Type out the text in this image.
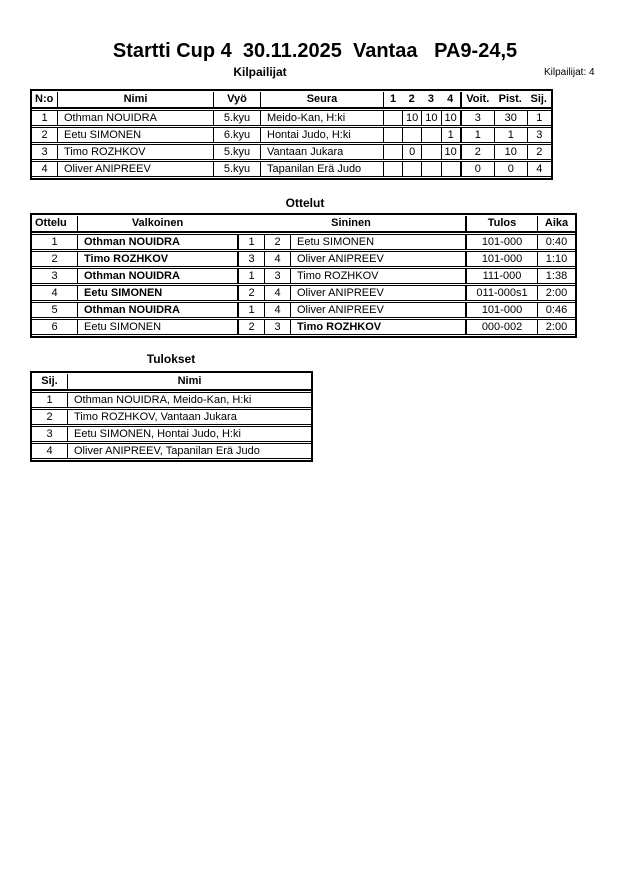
Startti Cup 4  30.11.2025  Vantaa   PA9-24,5
Kilpailijat	Kilpailijat: 4
N:o	Nimi	Vyö	Seura	1	2	3	4	Voit.	Pist.	Sij.
1	Othman NOUIDRA	5.kyu	Meido-Kan, H:ki		10	10	10	3	30	1
2	Eetu SIMONEN	6.kyu	Hontai Judo, H:ki				1	1	1	3
3	Timo ROZHKOV	5.kyu	Vantaan Jukara		0		10	2	10	2
4	Oliver ANIPREEV	5.kyu	Tapanilan Erä Judo					0	0	4
Ottelut
Ottelu	Valkoinen	Sininen			Tulos	Aika
1	Othman NOUIDRA	1	2	Eetu SIMONEN	101-000	0:40
2	Timo ROZHKOV	3	4	Oliver ANIPREEV	101-000	1:10
3	Othman NOUIDRA	1	3	Timo ROZHKOV	111-000	1:38
4	Eetu SIMONEN	2	4	Oliver ANIPREEV	011-000s1	2:00
5	Othman NOUIDRA	1	4	Oliver ANIPREEV	101-000	0:46
6	Eetu SIMONEN	2	3	Timo ROZHKOV	000-002	2:00
Tulokset
Sij.	Nimi
1	Othman NOUIDRA, Meido-Kan, H:ki
2	Timo ROZHKOV, Vantaan Jukara
3	Eetu SIMONEN, Hontai Judo, H:ki
4	Oliver ANIPREEV, Tapanilan Erä Judo
